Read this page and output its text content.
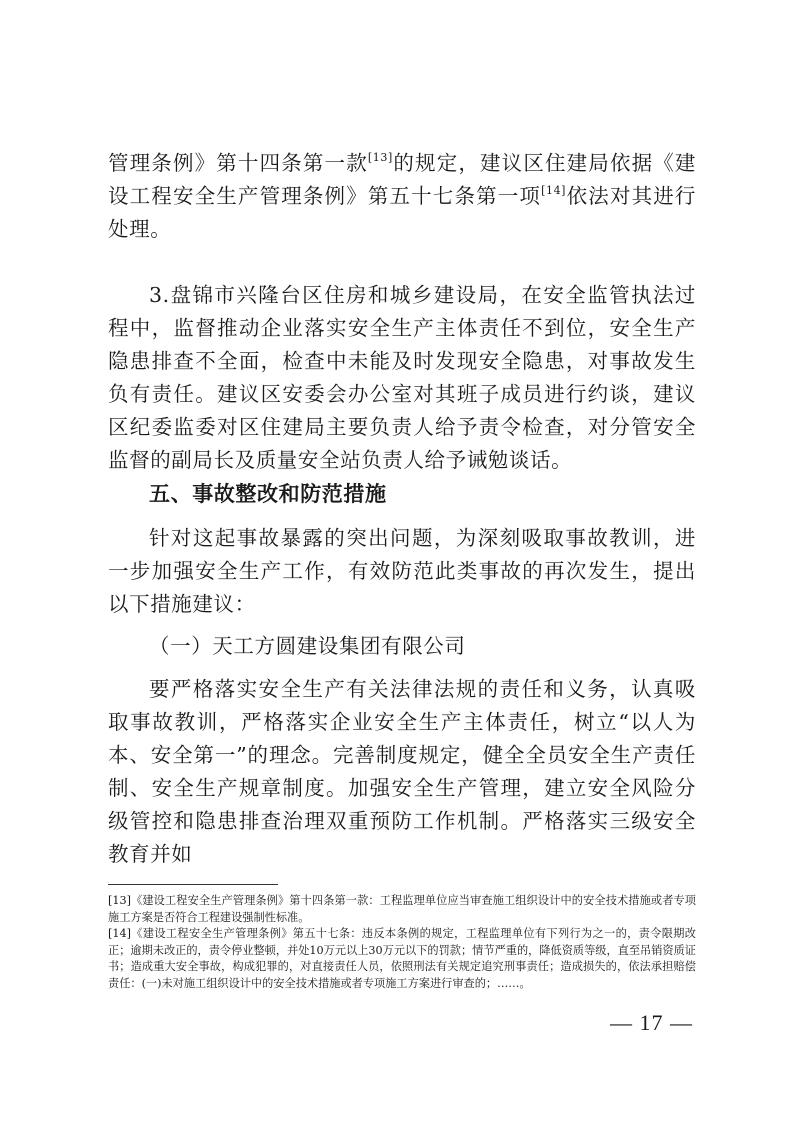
管理条例》第十四条第一款[13]的规定，建议区住建局依据《建设工程安全生产管理条例》第五十七条第一项[14]依法对其进行处理。

3.盘锦市兴隆台区住房和城乡建设局，在安全监管执法过程中，监督推动企业落实安全生产主体责任不到位，安全生产隐患排查不全面，检查中未能及时发现安全隐患，对事故发生负有责任。建议区安委会办公室对其班子成员进行约谈，建议区纪委监委对区住建局主要负责人给予责令检查，对分管安全监督的副局长及质量安全站负责人给予诫勉谈话。

五、事故整改和防范措施

针对这起事故暴露的突出问题，为深刻吸取事故教训，进一步加强安全生产工作，有效防范此类事故的再次发生，提出以下措施建议：

（一）天工方圆建设集团有限公司

要严格落实安全生产有关法律法规的责任和义务，认真吸取事故教训，严格落实企业安全生产主体责任，树立“以人为本、安全第一”的理念。完善制度规定，健全全员安全生产责任制、安全生产规章制度。加强安全生产管理，建立安全风险分级管控和隐患排查治理双重预防工作机制。严格落实三级安全教育并如

[13]《建设工程安全生产管理条例》第十四条第一款：工程监理单位应当审查施工组织设计中的安全技术措施或者专项施工方案是否符合工程建设强制性标准。

[14]《建设工程安全生产管理条例》第五十七条：违反本条例的规定，工程监理单位有下列行为之一的，责令限期改正；逾期未改正的，责令停业整顿，并处10万元以上30万元以下的罚款；情节严重的，降低资质等级，直至吊销资质证书；造成重大安全事故，构成犯罪的，对直接责任人员，依照刑法有关规定追究刑事责任；造成损失的，依法承担赔偿责任：(一)未对施工组织设计中的安全技术措施或者专项施工方案进行审查的；……。

— 17 —
